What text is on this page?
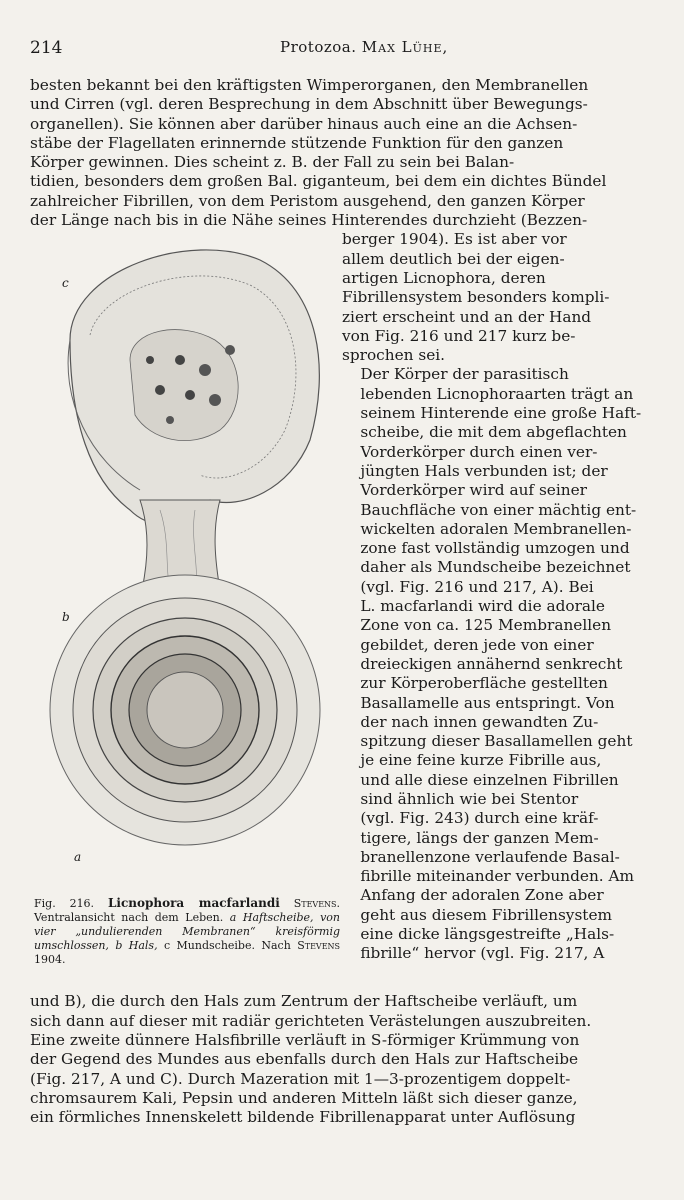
214	Protozoa. Max Lühe,

besten bekannt bei den kräftigsten Wimperorganen, den Membranellen
und Cirren (vgl. deren Besprechung in dem Abschnitt über Bewegungs-
organellen). Sie können aber darüber hinaus auch eine an die Achsen-
stäbe der Flagellaten erinnernde stützende Funktion für den ganzen
Körper gewinnen. Dies scheint z. B. der Fall zu sein bei Balan-
tidien, besonders dem großen Bal. giganteum, bei dem ein dichtes Bündel
zahlreicher Fibrillen, von dem Peristom ausgehend, den ganzen Körper
der Länge nach bis in die Nähe seines Hinterendes durchzieht (Bezzen-

c
b
a
Fig. 216. Licnophora macfarlandi Stevens. Ventralansicht nach dem Leben. a Haftscheibe, von vier „undulierenden Membranen“ kreisförmig umschlossen, b Hals, c Mundscheibe. Nach Stevens 1904.

berger 1904). Es ist aber vor
allem deutlich bei der eigen-
artigen Licnophora, deren
Fibrillensystem besonders kompli-
ziert erscheint und an der Hand
von Fig. 216 und 217 kurz be-
sprochen sei.

Der Körper der parasitisch
lebenden Licnophoraarten trägt an
seinem Hinterende eine große Haft-
scheibe, die mit dem abgeflachten
Vorderkörper durch einen ver-
jüngten Hals verbunden ist; der
Vorderkörper wird auf seiner
Bauchfläche von einer mächtig ent-
wickelten adoralen Membranellen-
zone fast vollständig umzogen und
daher als Mundscheibe bezeichnet
(vgl. Fig. 216 und 217, A). Bei
L. macfarlandi wird die adorale
Zone von ca. 125 Membranellen
gebildet, deren jede von einer
dreieckigen annähernd senkrecht
zur Körperoberfläche gestellten
Basallamelle aus entspringt. Von
der nach innen gewandten Zu-
spitzung dieser Basallamellen geht
je eine feine kurze Fibrille aus,
und alle diese einzelnen Fibrillen
sind ähnlich wie bei Stentor
(vgl. Fig. 243) durch eine kräf-
tigere, längs der ganzen Mem-
branellenzone verlaufende Basal-
fibrille miteinander verbunden. Am
Anfang der adoralen Zone aber
geht aus diesem Fibrillensystem
eine dicke längsgestreifte „Hals-
fibrille“ hervor (vgl. Fig. 217, A

und B), die durch den Hals zum Zentrum der Haftscheibe verläuft, um
sich dann auf dieser mit radiär gerichteten Verästelungen auszubreiten.
Eine zweite dünnere Halsfibrille verläuft in S-förmiger Krümmung von
der Gegend des Mundes aus ebenfalls durch den Hals zur Haftscheibe
(Fig. 217, A und C). Durch Mazeration mit 1—3-prozentigem doppelt-
chromsaurem Kali, Pepsin und anderen Mitteln läßt sich dieser ganze,
ein förmliches Innenskelett bildende Fibrillenapparat unter Auflösung
